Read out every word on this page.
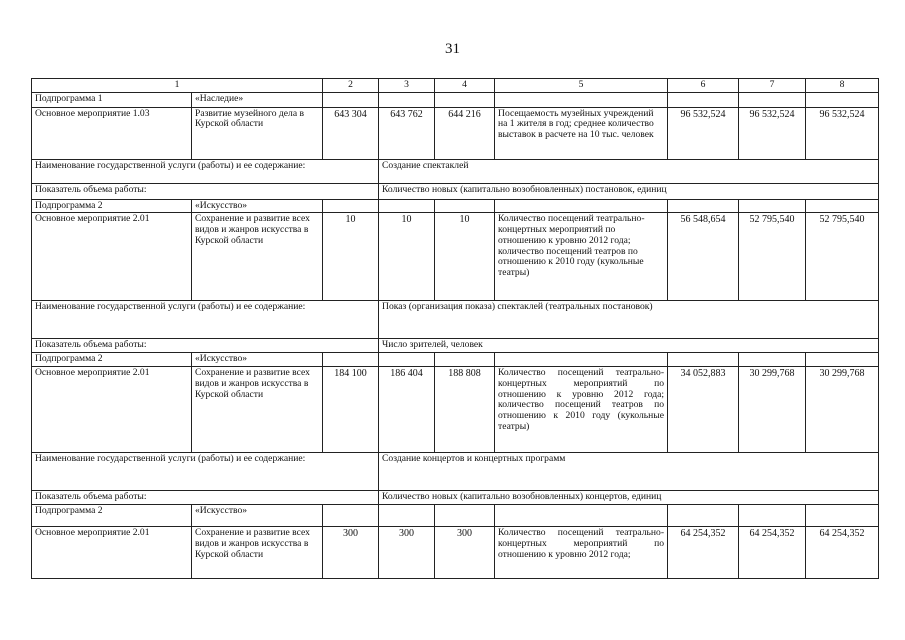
31
1		2	3	4	5	6	7	8
Подпрограмма 1	«Наследие»							
Основное мероприятие 1.03	Развитие музейного дела в Курской области	643 304	643 762	644 216	Посещаемость музейных учреждений на 1 жителя в год; среднее количество выставок в расчете на 10 тыс. человек	96 532,524	96 532,524	96 532,524
Наименование государственной услуги (работы) и ее содержание:			Создание спектаклей					
Показатель объема работы:			Количество новых (капитально возобновленных) постановок, единиц					
Подпрограмма 2	«Искусство»							
Основное мероприятие 2.01	Сохранение и развитие всех видов и жанров искусства в Курской области	10	10	10	Количество посещений театрально-концертных мероприятий по отношению к уровню 2012 года; количество посещений театров по отношению к 2010 году (кукольные театры)	56 548,654	52 795,540	52 795,540
Наименование государственной услуги (работы) и ее содержание:			Показ (организация показа) спектаклей (театральных постановок)					
Показатель объема работы:			Число зрителей, человек					
Подпрограмма 2	«Искусство»							
Основное мероприятие 2.01	Сохранение и развитие всех видов и жанров искусства в Курской области	184 100	186 404	188 808	Количество посещений театрально-концертных мероприятий по отношению к уровню 2012 года; количество посещений театров по отношению к 2010 году (кукольные театры)	34 052,883	30 299,768	30 299,768
Наименование государственной услуги (работы) и ее содержание:			Создание концертов и концертных программ					
Показатель объема работы:			Количество новых (капитально возобновленных) концертов, единиц					
Подпрограмма 2	«Искусство»							
Основное мероприятие 2.01	Сохранение и развитие всех видов и жанров искусства в Курской области	300	300	300	Количество посещений театрально-концертных мероприятий по отношению к уровню 2012 года;	64 254,352	64 254,352	64 254,352
